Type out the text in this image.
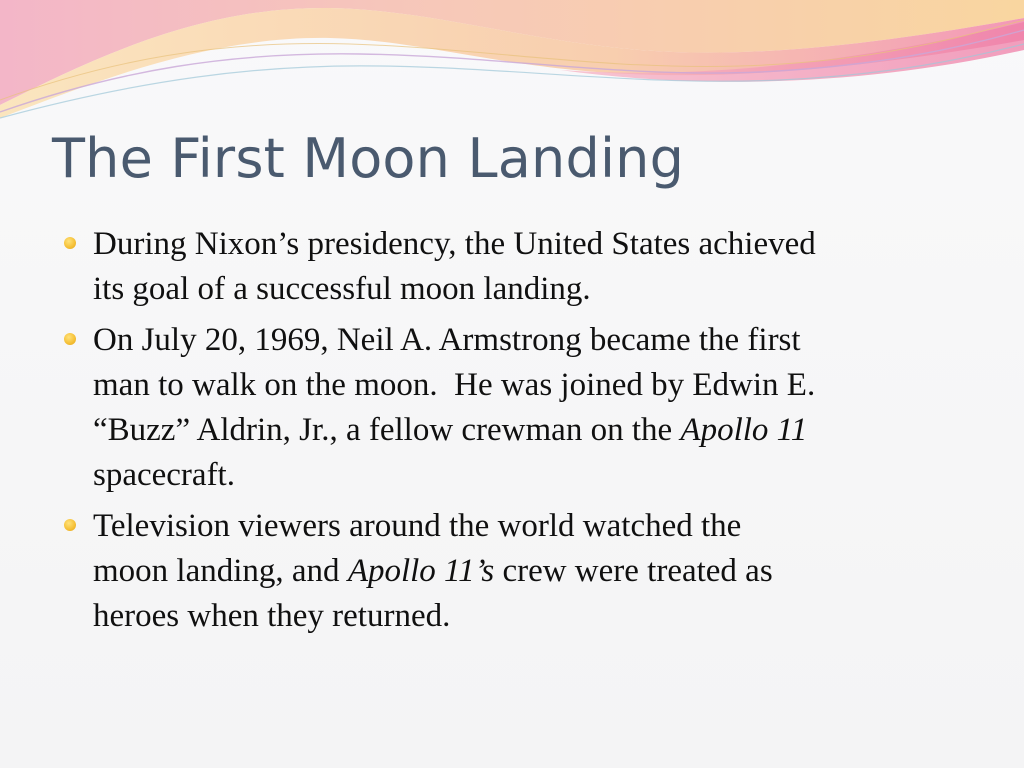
The First Moon Landing
During Nixon’s presidency, the United States achieved
its goal of a successful moon landing.
On July 20, 1969, Neil A. Armstrong became the first
man to walk on the moon.  He was joined by Edwin E.
“Buzz” Aldrin, Jr., a fellow crewman on the Apollo 11
spacecraft.
Television viewers around the world watched the
moon landing, and Apollo 11’s crew were treated as
heroes when they returned.
